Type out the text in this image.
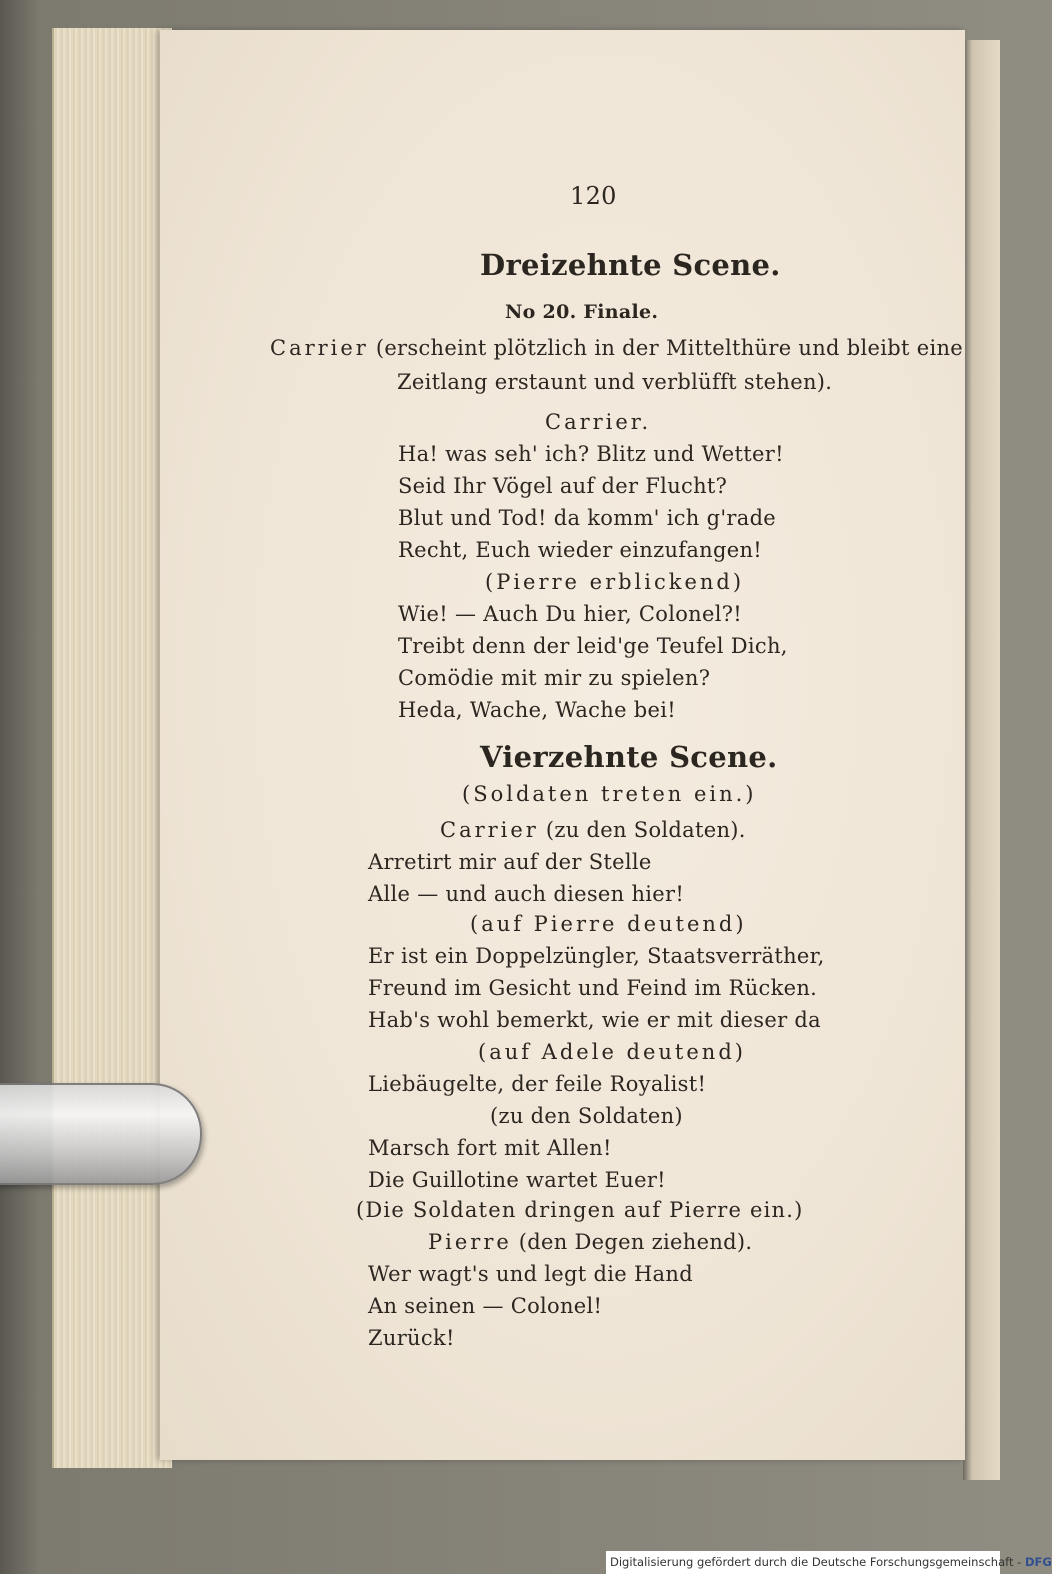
120
Dreizehnte Scene.
No 20. Finale.
Carrier (erscheint plötzlich in der Mittelthüre und bleibt eine
Zeitlang erstaunt und verblüfft stehen).
Carrier.
Ha! was seh' ich? Blitz und Wetter!
Seid Ihr Vögel auf der Flucht?
Blut und Tod! da komm' ich g'rade
Recht, Euch wieder einzufangen!
(Pierre erblickend)
Wie! — Auch Du hier, Colonel?!
Treibt denn der leid'ge Teufel Dich,
Comödie mit mir zu spielen?
Heda, Wache, Wache bei!
Vierzehnte Scene.
(Soldaten treten ein.)
Carrier (zu den Soldaten).
Arretirt mir auf der Stelle
Alle — und auch diesen hier!
(auf Pierre deutend)
Er ist ein Doppelzüngler, Staatsverräther,
Freund im Gesicht und Feind im Rücken.
Hab's wohl bemerkt, wie er mit dieser da
(auf Adele deutend)
Liebäugelte, der feile Royalist!
(zu den Soldaten)
Marsch fort mit Allen!
Die Guillotine wartet Euer!
(Die Soldaten dringen auf Pierre ein.)
Pierre (den Degen ziehend).
Wer wagt's und legt die Hand
An seinen — Colonel!
Zurück!
Digitalisierung gefördert durch die Deutsche Forschungsgemeinschaft - DFG
